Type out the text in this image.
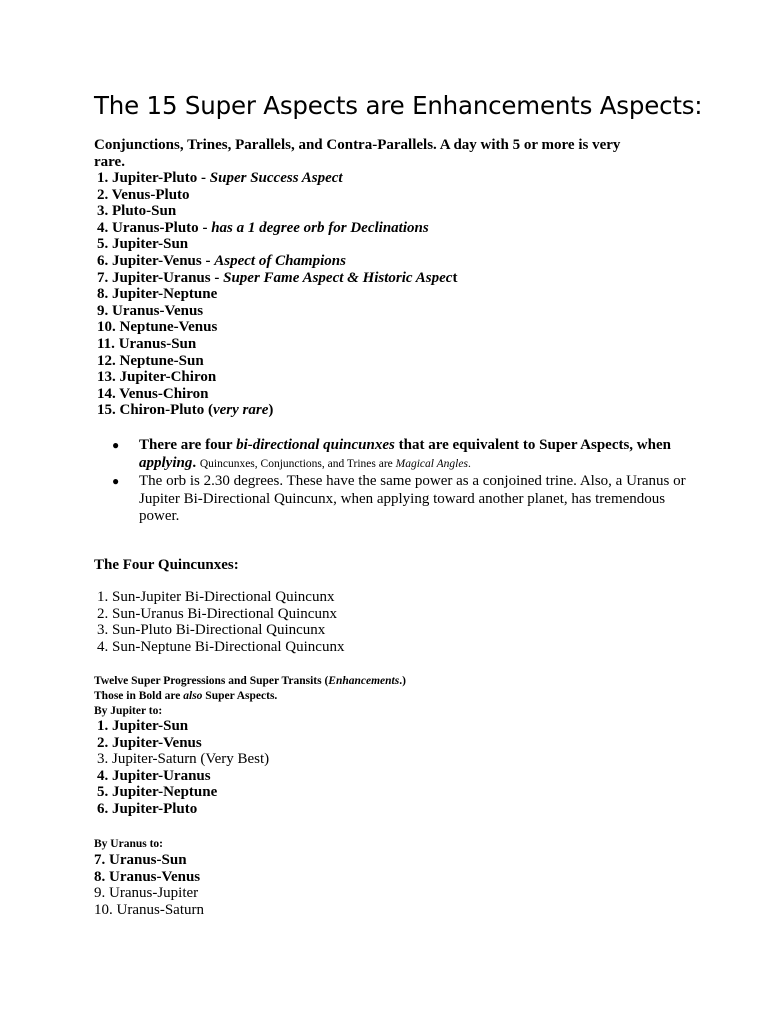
The 15 Super Aspects are Enhancements Aspects:

Conjunctions, Trines, Parallels, and Contra-Parallels. A day with 5 or more is very rare.

1. Jupiter-Pluto - Super Success Aspect
2. Venus-Pluto
3. Pluto-Sun
4. Uranus-Pluto - has a 1 degree orb for Declinations
5. Jupiter-Sun
6. Jupiter-Venus - Aspect of Champions
7. Jupiter-Uranus - Super Fame Aspect & Historic Aspect
8. Jupiter-Neptune
9. Uranus-Venus
10. Neptune-Venus
11. Uranus-Sun
12. Neptune-Sun
13. Jupiter-Chiron
14. Venus-Chiron
15. Chiron-Pluto (very rare)
● There are four bi-directional quincunxes that are equivalent to Super Aspects, when applying. Quincunxes, Conjunctions, and Trines are Magical Angles.
● The orb is 2.30 degrees. These have the same power as a conjoined trine. Also, a Uranus or Jupiter Bi-Directional Quincunx, when applying toward another planet, has tremendous power.
The Four Quincunxes:
1. Sun-Jupiter Bi-Directional Quincunx
2. Sun-Uranus Bi-Directional Quincunx
3. Sun-Pluto Bi-Directional Quincunx
4. Sun-Neptune Bi-Directional Quincunx
Twelve Super Progressions and Super Transits (Enhancements.)
Those in Bold are also Super Aspects.
By Jupiter to:
1. Jupiter-Sun
2. Jupiter-Venus
3. Jupiter-Saturn (Very Best)
4. Jupiter-Uranus
5. Jupiter-Neptune
6. Jupiter-Pluto
By Uranus to:
7. Uranus-Sun
8. Uranus-Venus
9. Uranus-Jupiter
10. Uranus-Saturn
